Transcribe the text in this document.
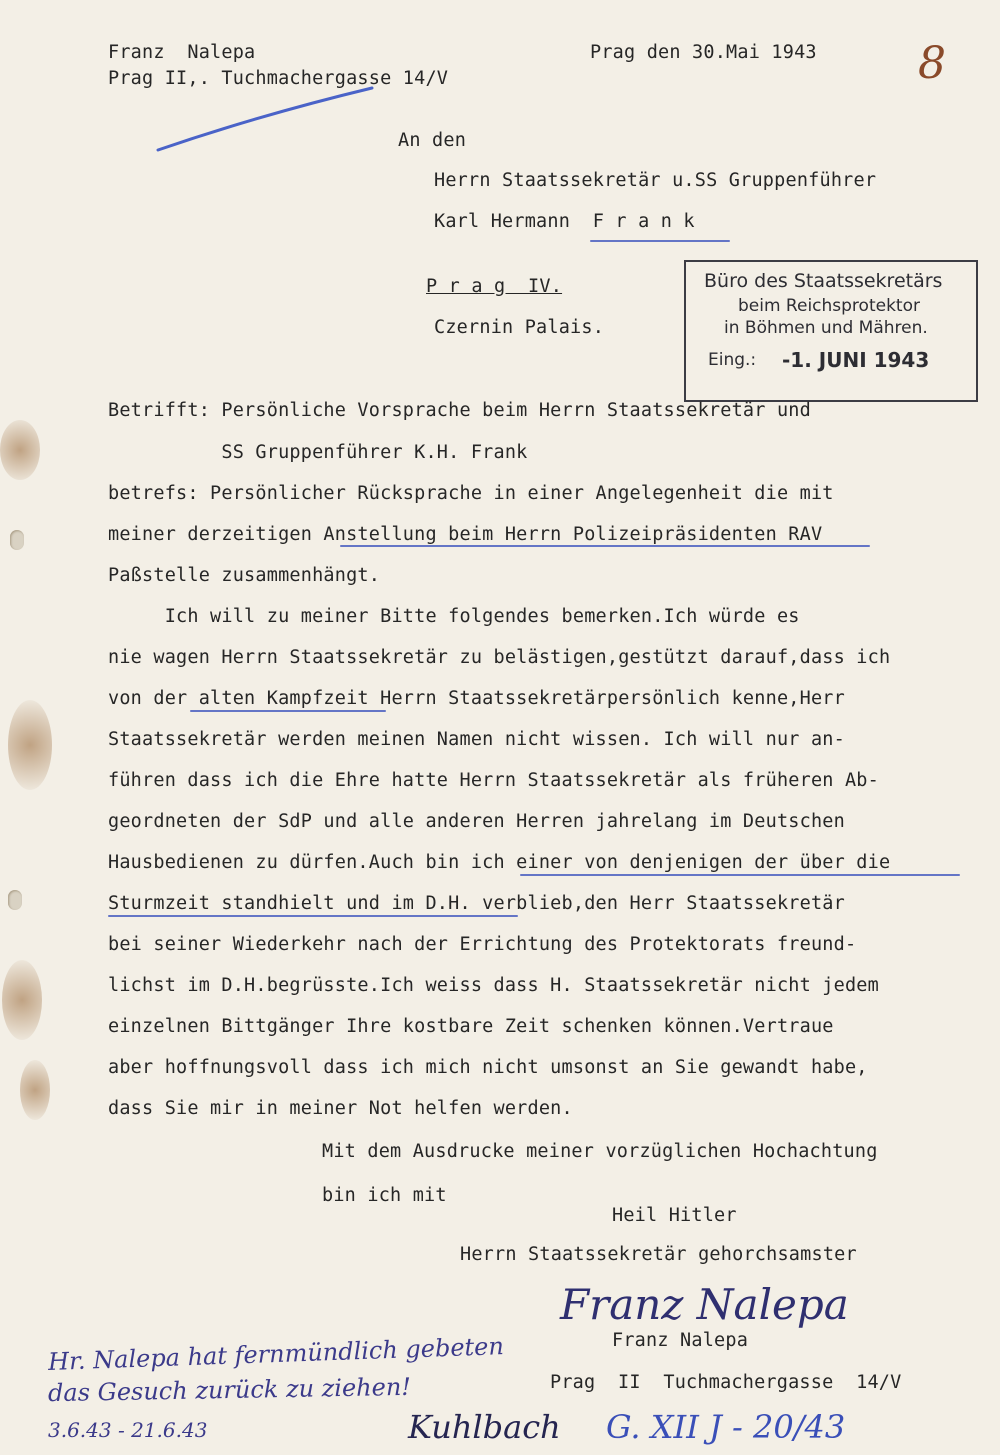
8
Franz  Nalepa
Prag II,. Tuchmachergasse 14/V
Prag den 30.Mai 1943
An den
Herrn Staatssekretär u.SS Gruppenführer
Karl Hermann  F r a n k
P r a g  IV.
Czernin Palais.
Büro des Staatssekretärs
beim Reichsprotektor
in Böhmen und Mähren.
Eing.: -1. JUNI 1943
Betrifft: Persönliche Vorsprache beim Herrn Staatssekretär und
SS Gruppenführer K.H. Frank
betrefs: Persönlicher Rücksprache in einer Angelegenheit die mit
meiner derzeitigen Anstellung beim Herrn Polizeipräsidenten RAV
Paßstelle zusammenhängt.
Ich will zu meiner Bitte folgendes bemerken.Ich würde es
nie wagen Herrn Staatssekretär zu belästigen,gestützt darauf,dass ich
von der alten Kampfzeit Herrn Staatssekretärpersönlich kenne,Herr
Staatssekretär werden meinen Namen nicht wissen. Ich will nur an-
führen dass ich die Ehre hatte Herrn Staatssekretär als früheren Ab-
geordneten der SdP und alle anderen Herren jahrelang im Deutschen
Hausbedienen zu dürfen.Auch bin ich einer von denjenigen der über die
Sturmzeit standhielt und im D.H. verblieb,den Herr Staatssekretär
bei seiner Wiederkehr nach der Errichtung des Protektorats freund-
lichst im D.H.begrüsste.Ich weiss dass H. Staatssekretär nicht jedem
einzelnen Bittgänger Ihre kostbare Zeit schenken können.Vertraue
aber hoffnungsvoll dass ich mich nicht umsonst an Sie gewandt habe,
dass Sie mir in meiner Not helfen werden.
Mit dem Ausdrucke meiner vorzüglichen Hochachtung
bin ich mit
Heil Hitler
Herrn Staatssekretär gehorchsamster
Franz Nalepa
Franz Nalepa
Prag  II  Tuchmachergasse  14/V
Hr. Nalepa hat fernmündlich gebeten
das Gesuch zurück zu ziehen!
3.6.43 - 21.6.43	Kuhlbach G. XII J - 20/43
